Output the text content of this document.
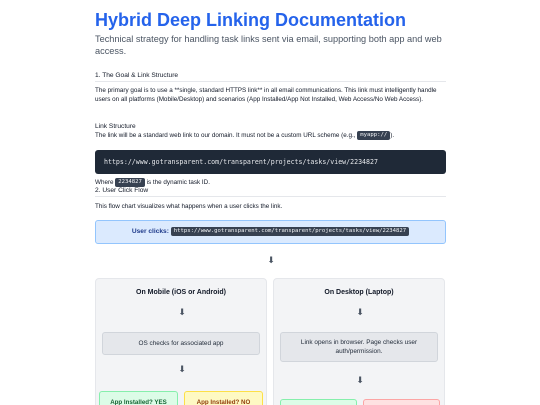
Hybrid Deep Linking Documentation

Technical strategy for handling task links sent via email, supporting both app and web access.

1. The Goal & Link Structure

The primary goal is to use a **single, standard HTTPS link** in all email communications. This link must intelligently handle users on all platforms (Mobile/Desktop) and scenarios (App Installed/App Not Installed, Web Access/No Web Access).

Link Structure

The link will be a standard web link to our domain. It must not be a custom URL scheme (e.g., myapp:// ).

https://www.gotransparent.com/transparent/projects/tasks/view/2234827

Where 2234827 is the dynamic task ID.

2. User Click Flow

This flow chart visualizes what happens when a user clicks the link.

User clicks: https://www.gotransparent.com/transparent/projects/tasks/view/2234827
⬇
On Mobile (iOS or Android)
⬇
OS checks for associated app
⬇
App Installed? YES	App Installed? NO
On Desktop (Laptop)
⬇
Link opens in browser. Page checks user auth/permission.
⬇
